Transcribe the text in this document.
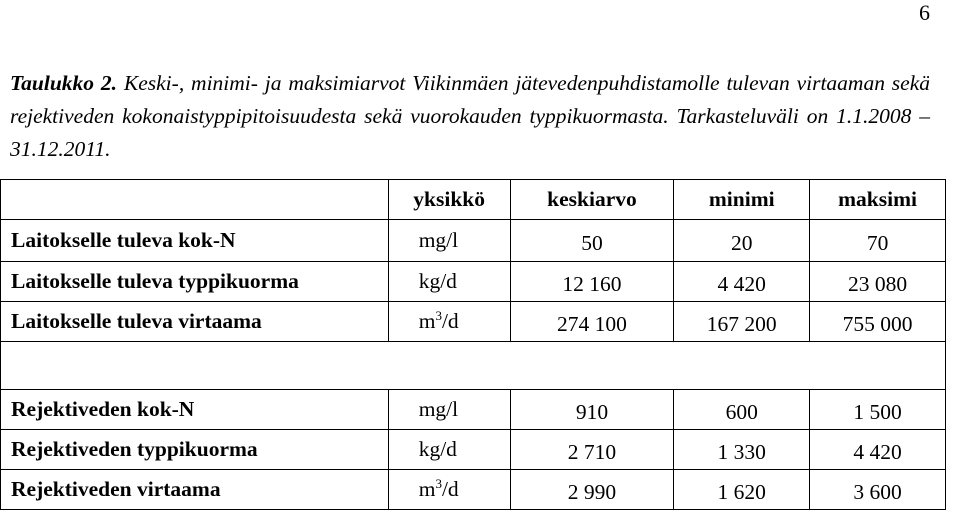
6

Taulukko 2. Keski-, minimi- ja maksimiarvot Viikinmäen jätevedenpuhdistamolle tulevan virtaaman sekä rejektiveden kokonaistyppipitoisuudesta sekä vuorokauden typpikuormasta. Tarkasteluväli on 1.1.2008 – 31.12.2011.

	yksikkö	keskiarvo	minimi	maksimi
Laitokselle tuleva kok-N	mg/l	50	20	70
Laitokselle tuleva typpikuorma	kg/d	12 160	4 420	23 080
Laitokselle tuleva virtaama	$m^3/d$	274 100	167 200	755 000

Rejektiveden kok-N	mg/l	910	600	1 500
Rejektiveden typpikuorma	kg/d	2 710	1 330	4 420
Rejektiveden virtaama	$m^3/d$	2 990	1 620	3 600
